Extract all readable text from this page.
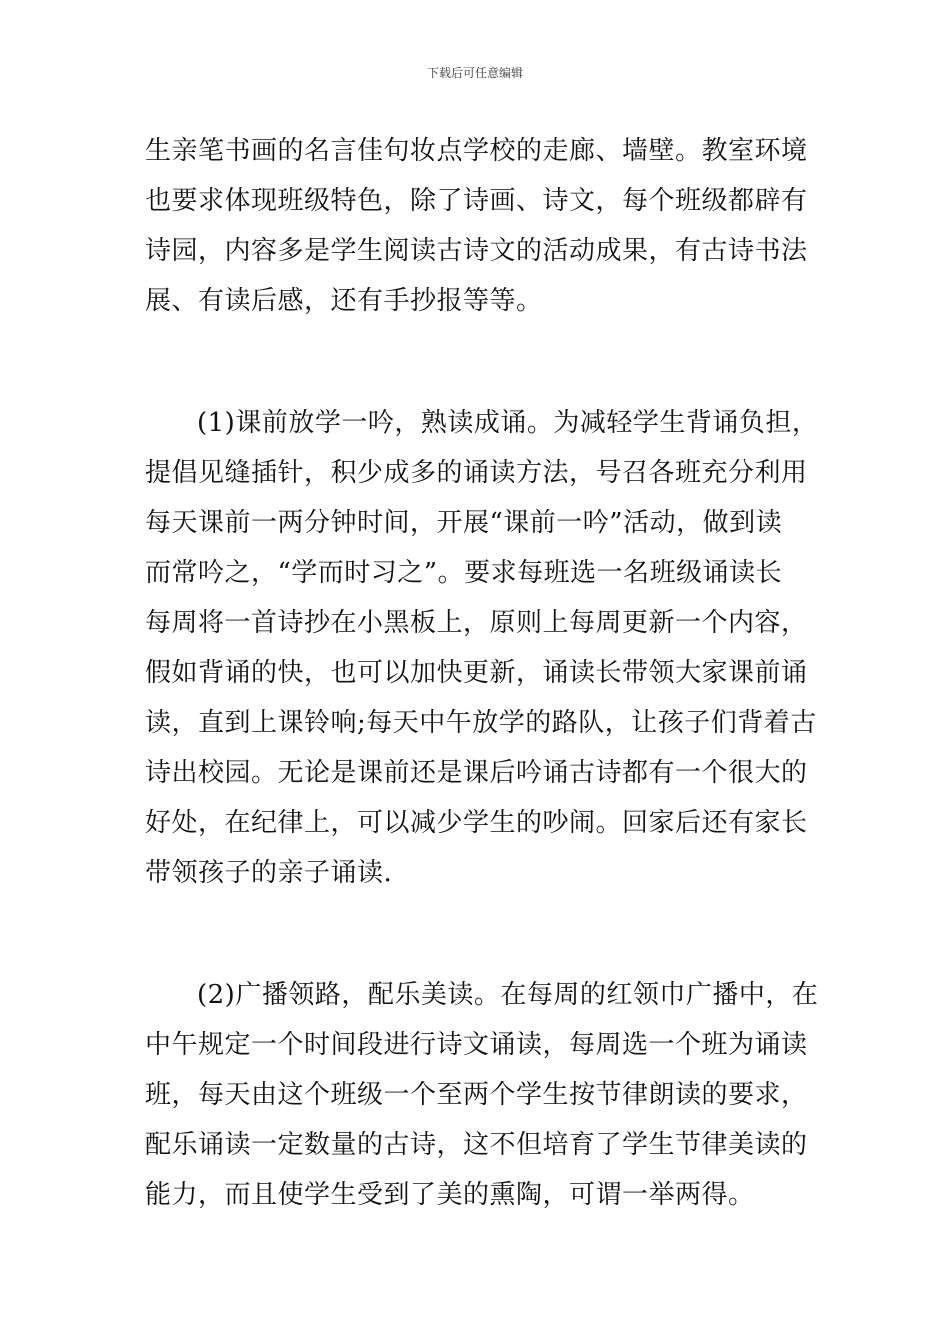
下载后可任意编辑
生亲笔书画的名言佳句妆点学校的走廊、墙壁。教室环境
也要求体现班级特色，除了诗画、诗文，每个班级都辟有
诗园，内容多是学生阅读古诗文的活动成果，有古诗书法
展、有读后感，还有手抄报等等。
(1)课前放学一吟，熟读成诵。为减轻学生背诵负担，
提倡见缝插针，积少成多的诵读方法，号召各班充分利用
每天课前一两分钟时间，开展“课前一吟”活动，做到读
而常吟之，“学而时习之”。要求每班选一名班级诵读长
每周将一首诗抄在小黑板上，原则上每周更新一个内容，
假如背诵的快，也可以加快更新，诵读长带领大家课前诵
读，直到上课铃响;每天中午放学的路队，让孩子们背着古
诗出校园。无论是课前还是课后吟诵古诗都有一个很大的
好处，在纪律上，可以减少学生的吵闹。回家后还有家长
带领孩子的亲子诵读.
(2)广播领路，配乐美读。在每周的红领巾广播中，在
中午规定一个时间段进行诗文诵读，每周选一个班为诵读
班，每天由这个班级一个至两个学生按节律朗读的要求，
配乐诵读一定数量的古诗，这不但培育了学生节律美读的
能力，而且使学生受到了美的熏陶，可谓一举两得。
